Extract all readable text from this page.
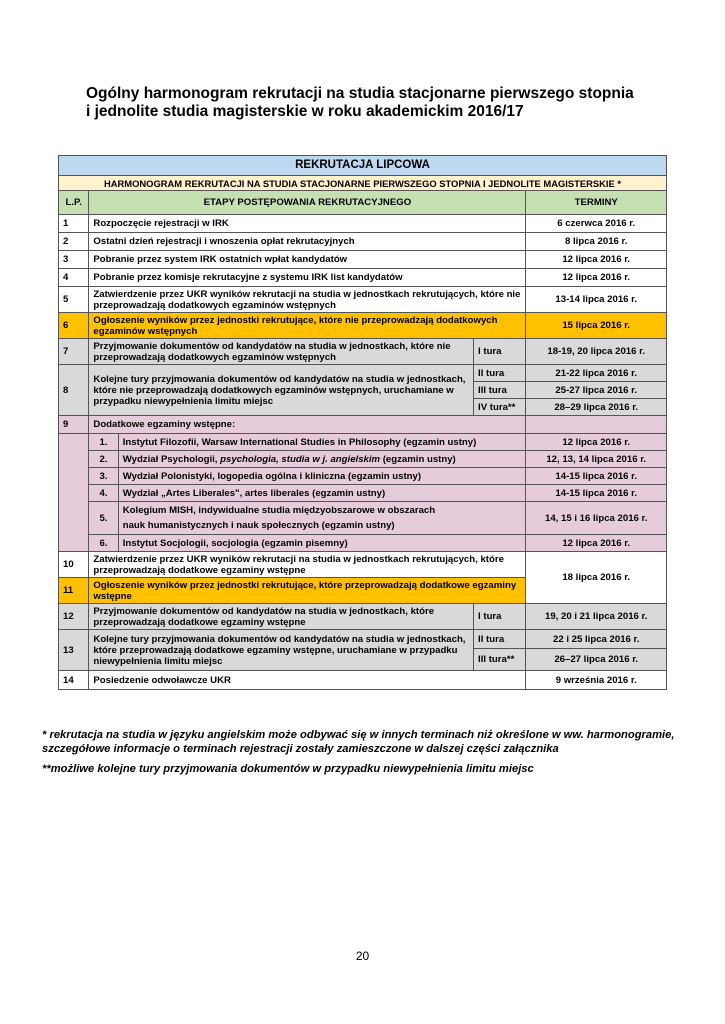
Ogólny harmonogram rekrutacji na studia stacjonarne pierwszego stopnia
i jednolite studia magisterskie w roku akademickim 2016/17
REKRUTACJA LIPCOWA				
HARMONOGRAM REKRUTACJI NA STUDIA STACJONARNE PIERWSZEGO STOPNIA I JEDNOLITE MAGISTERSKIE *				
L.P.	ETAPY POSTĘPOWANIA REKRUTACYJNEGO			TERMINY
1	Rozpoczęcie rejestracji w IRK			6 czerwca 2016 r.
2	Ostatni dzień rejestracji i wnoszenia opłat rekrutacyjnych			8 lipca 2016 r.
3	Pobranie przez system IRK ostatnich wpłat kandydatów			12 lipca 2016 r.
4	Pobranie przez komisje rekrutacyjne z systemu IRK list kandydatów			12 lipca 2016 r.
5	Zatwierdzenie przez UKR wyników rekrutacji na studia w jednostkach rekrutujących, które nie przeprowadzają dodatkowych egzaminów wstępnych			13-14 lipca 2016 r.
6	Ogłoszenie wyników przez jednostki rekrutujące, które nie przeprowadzają dodatkowych egzaminów wstępnych			15 lipca 2016 r.
7	Przyjmowanie dokumentów od kandydatów na studia w jednostkach, które nie przeprowadzają dodatkowych egzaminów wstępnych		I tura	18-19, 20 lipca 2016 r.
8	Kolejne tury przyjmowania dokumentów od kandydatów na studia w jednostkach, które nie przeprowadzają dodatkowych egzaminów wstępnych, uruchamiane w przypadku niewypełnienia limitu miejsc		II tura	21-22 lipca 2016 r.
			III tura	25-27 lipca 2016 r.
			IV tura**	28–29 lipca 2016 r.
9	Dodatkowe egzaminy wstępne:			
	1.	Instytut Filozofii, Warsaw International Studies in Philosophy (egzamin ustny)		12 lipca 2016 r.
	2.	Wydział Psychologii, psychologia, studia w j. angielskim (egzamin ustny)		12, 13, 14 lipca 2016 r.
	3.	Wydział Polonistyki, logopedia ogólna i kliniczna (egzamin ustny)		14-15 lipca 2016 r.
	4.	Wydział „Artes Liberales", artes liberales (egzamin ustny)		14-15 lipca 2016 r.
	5.	Kolegium MISH, indywidualne studia międzyobszarowe w obszarach
nauk humanistycznych i nauk społecznych (egzamin ustny)		14, 15 i 16 lipca 2016 r.
	6.	Instytut Socjologii, socjologia (egzamin pisemny)		12 lipca 2016 r.
10	Zatwierdzenie przez UKR wyników rekrutacji na studia w jednostkach rekrutujących, które przeprowadzają dodatkowe egzaminy wstępne			18 lipca 2016 r.
11	Ogłoszenie wyników przez jednostki rekrutujące, które przeprowadzają dodatkowe egzaminy wstępne			
12	Przyjmowanie dokumentów od kandydatów na studia w jednostkach, które przeprowadzają dodatkowe egzaminy wstępne		I tura	19, 20 i 21 lipca 2016 r.
13	Kolejne tury przyjmowania dokumentów od kandydatów na studia w jednostkach, które przeprowadzają dodatkowe egzaminy wstępne, uruchamiane w przypadku niewypełnienia limitu miejsc		II tura	22 i 25 lipca 2016 r.
			III tura**	26–27 lipca 2016 r.
14	Posiedzenie odwoławcze UKR			9 września 2016 r.

* rekrutacja na studia w języku angielskim może odbywać się w innych terminach niż określone w ww. harmonogramie, szczegółowe informacje o terminach rejestracji zostały zamieszczone w dalszej części załącznika

**możliwe kolejne tury przyjmowania dokumentów w przypadku niewypełnienia limitu miejsc

20
